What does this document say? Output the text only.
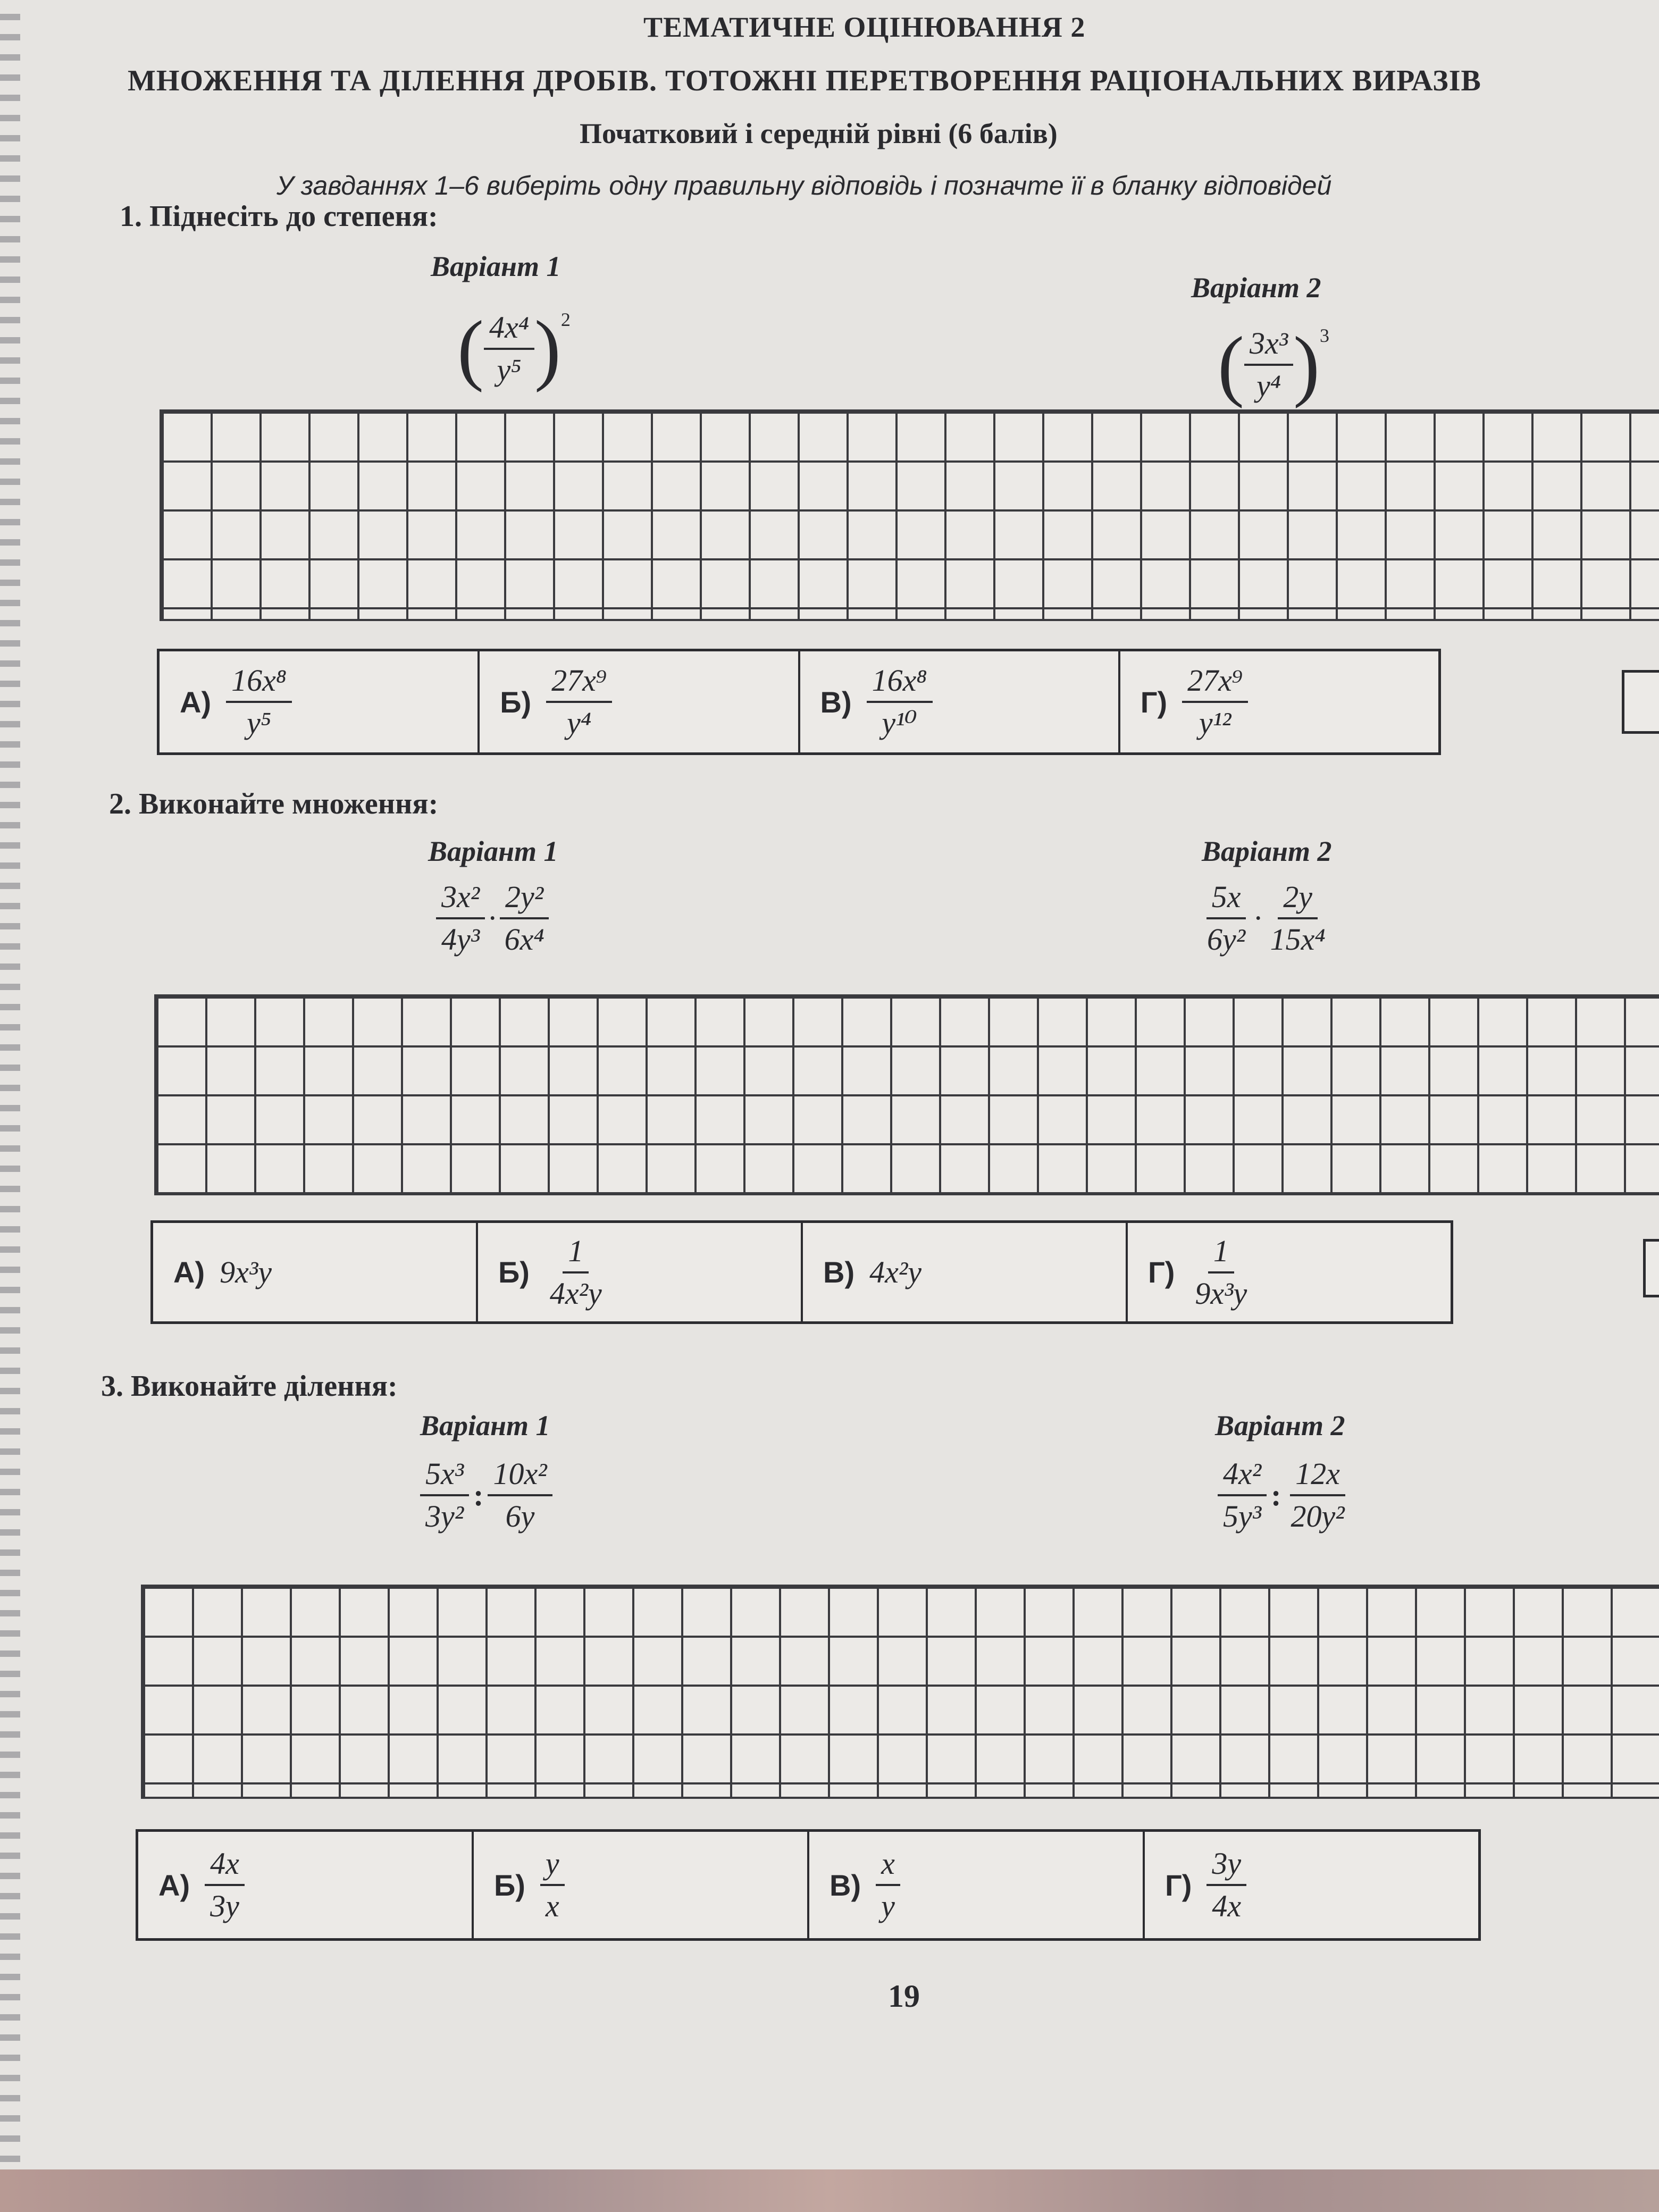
ТЕМАТИЧНЕ ОЦІНЮВАННЯ 2
МНОЖЕННЯ ТА ДІЛЕННЯ ДРОБІВ. ТОТОЖНІ ПЕРЕТВОРЕННЯ РАЦІОНАЛЬНИХ ВИРАЗІВ
Початковий і середній рівні (6 балів)
У завданнях 1–6 виберіть одну правильну відповідь і позначте її в бланку відповідей
1. Піднесіть до степеня:
Варіант 1
Варіант 2
( $\frac{\text{4x⁴}}{\text{y⁵}}$ ) 2
( $\frac{\text{3x³}}{\text{y⁴}}$ ) 3
$А) \frac{\text{16x⁸}}{\text{y⁵}}$	$Б) \frac{\text{27x⁹}}{\text{y⁴}}$	$В) \frac{\text{16x⁸}}{\text{y¹⁰}}$	$Г) \frac{\text{27x⁹}}{\text{y¹²}}$
2. Виконайте множення:
Варіант 1	Варіант 2
$\frac{\text{3x²}}{\text{4y³}} \cdot \frac{\text{2y²}}{\text{6x⁴}}$	$\frac{5x}{\text{6y²}} \cdot \frac{2y}{\text{15x⁴}}$
А) 9x³y	$Б) \frac{1}{\text{4x²y}}$	В) 4x²y	$Г) \frac{1}{\text{9x³y}}$
3. Виконайте ділення:
Варіант 1	Варіант 2
$\frac{\text{5x³}}{\text{3y²}}$ : $\frac{\text{10x²}}{6y}$	$\frac{\text{4x²}}{\text{5y³}}$ : $\frac{12x}{\text{20y²}}$
$А) \frac{4x}{3y}$	$Б) \frac{y}{x}$	$В) \frac{x}{y}$	$Г) \frac{3y}{4x}$
19
